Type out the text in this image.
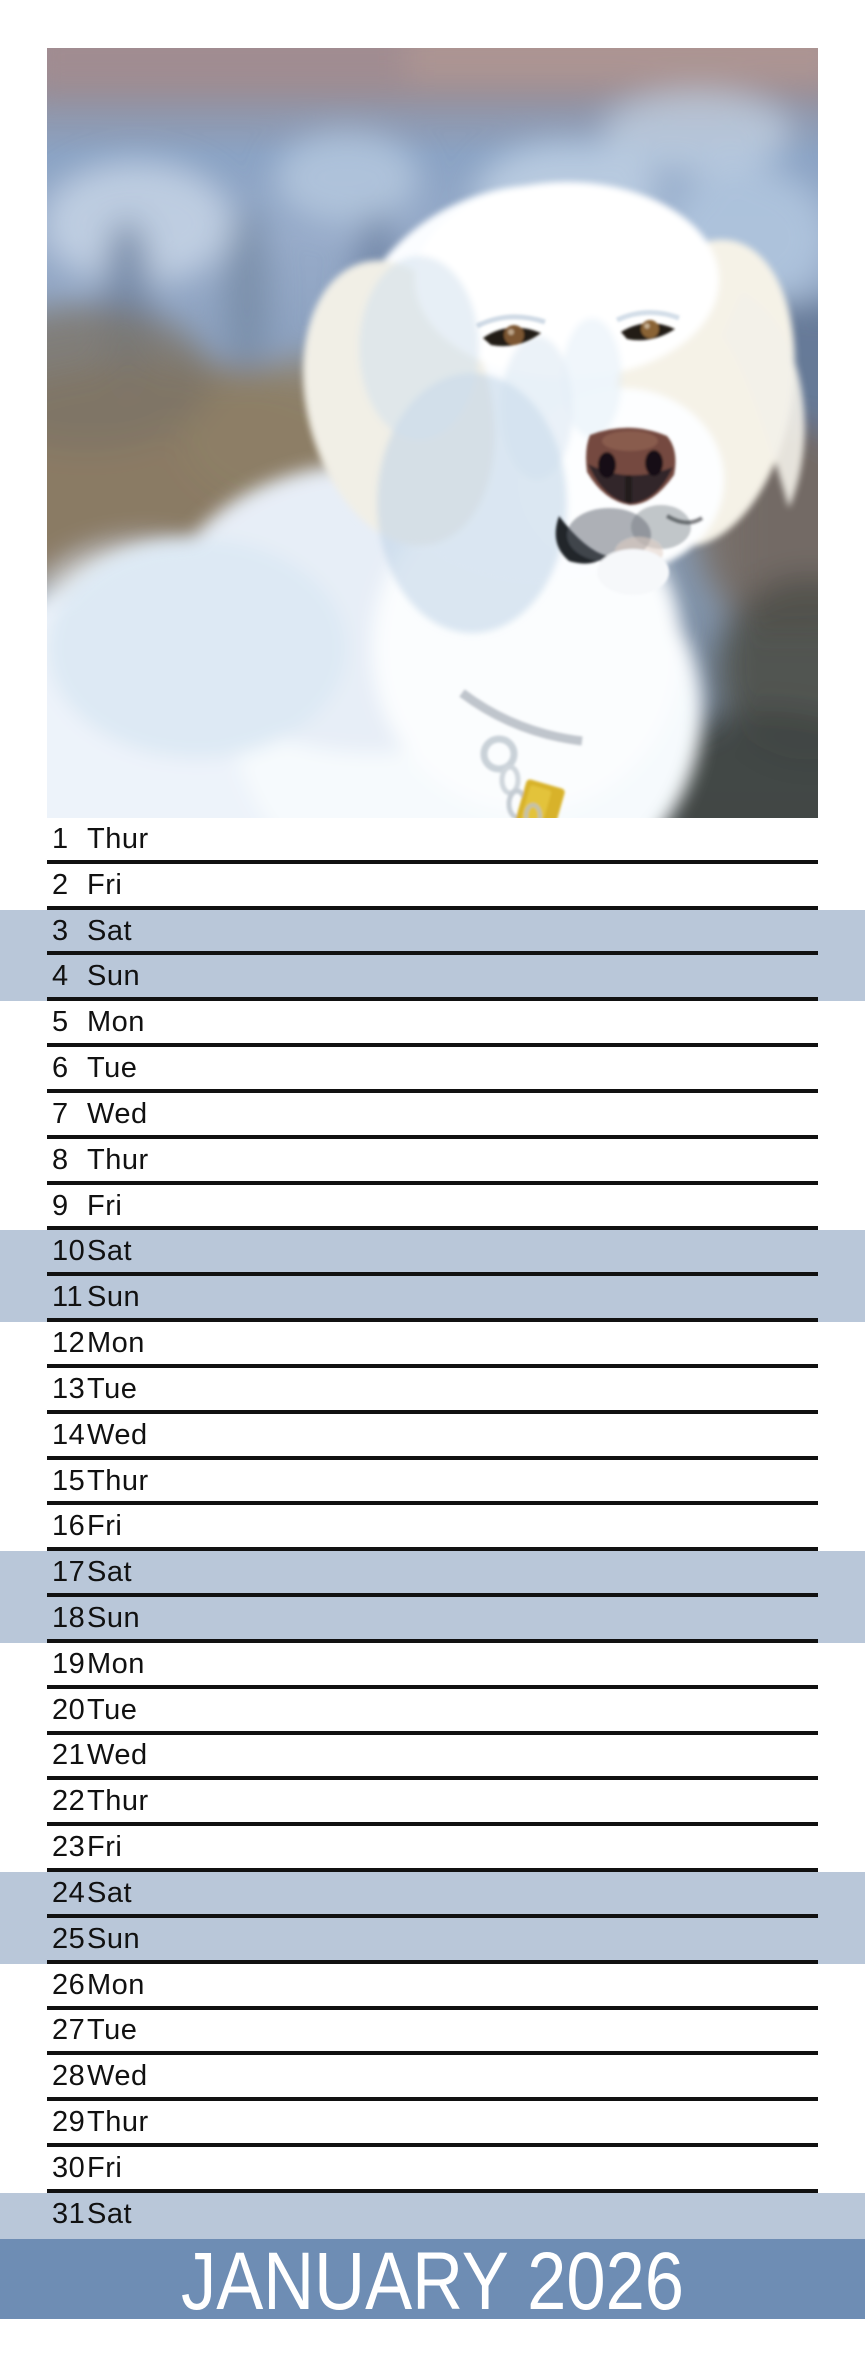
1 Thur
2 Fri
3 Sat
4 Sun
5 Mon
6 Tue
7 Wed
8 Thur
9 Fri
10 Sat
11 Sun
12 Mon
13 Tue
14 Wed
15 Thur
16 Fri
17 Sat
18 Sun
19 Mon
20 Tue
21 Wed
22 Thur
23 Fri
24 Sat
25 Sun
26 Mon
27 Tue
28 Wed
29 Thur
30 Fri
31 Sat
JANUARY 2026
